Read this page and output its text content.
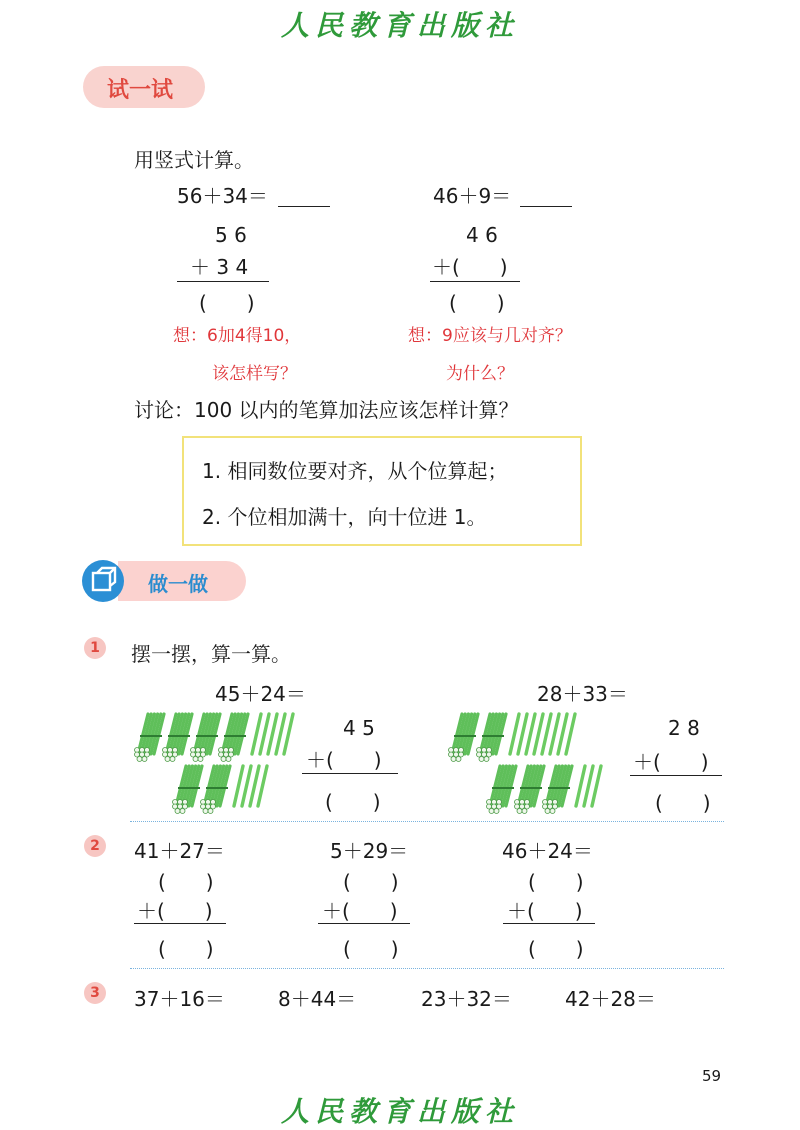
人民教育出版社
人民教育出版社
试一试
用竖式计算。
56＋34＝
5 6
＋ 3 4
(　　)
想：6加4得10，
该怎样写？
46＋9＝
4 6
＋(　　)
(　　)
想：9应该与几对齐？
为什么？
讨论：100 以内的笔算加法应该怎样计算？
1. 相同数位要对齐，从个位算起；
2. 个位相加满十，向十位进 1。
做一做
1	摆一摆，算一算。
45＋24＝
4 5
＋(　　)
(　　)
28＋33＝
2 8
＋(　　)
(　　)
2	41＋27＝
(　　)
＋(　　)
(　　)
5＋29＝
(　　)
＋(　　)
(　　)
46＋24＝
(　　)
＋(　　)
(　　)
3	37＋16＝	8＋44＝	23＋32＝	42＋28＝
59
